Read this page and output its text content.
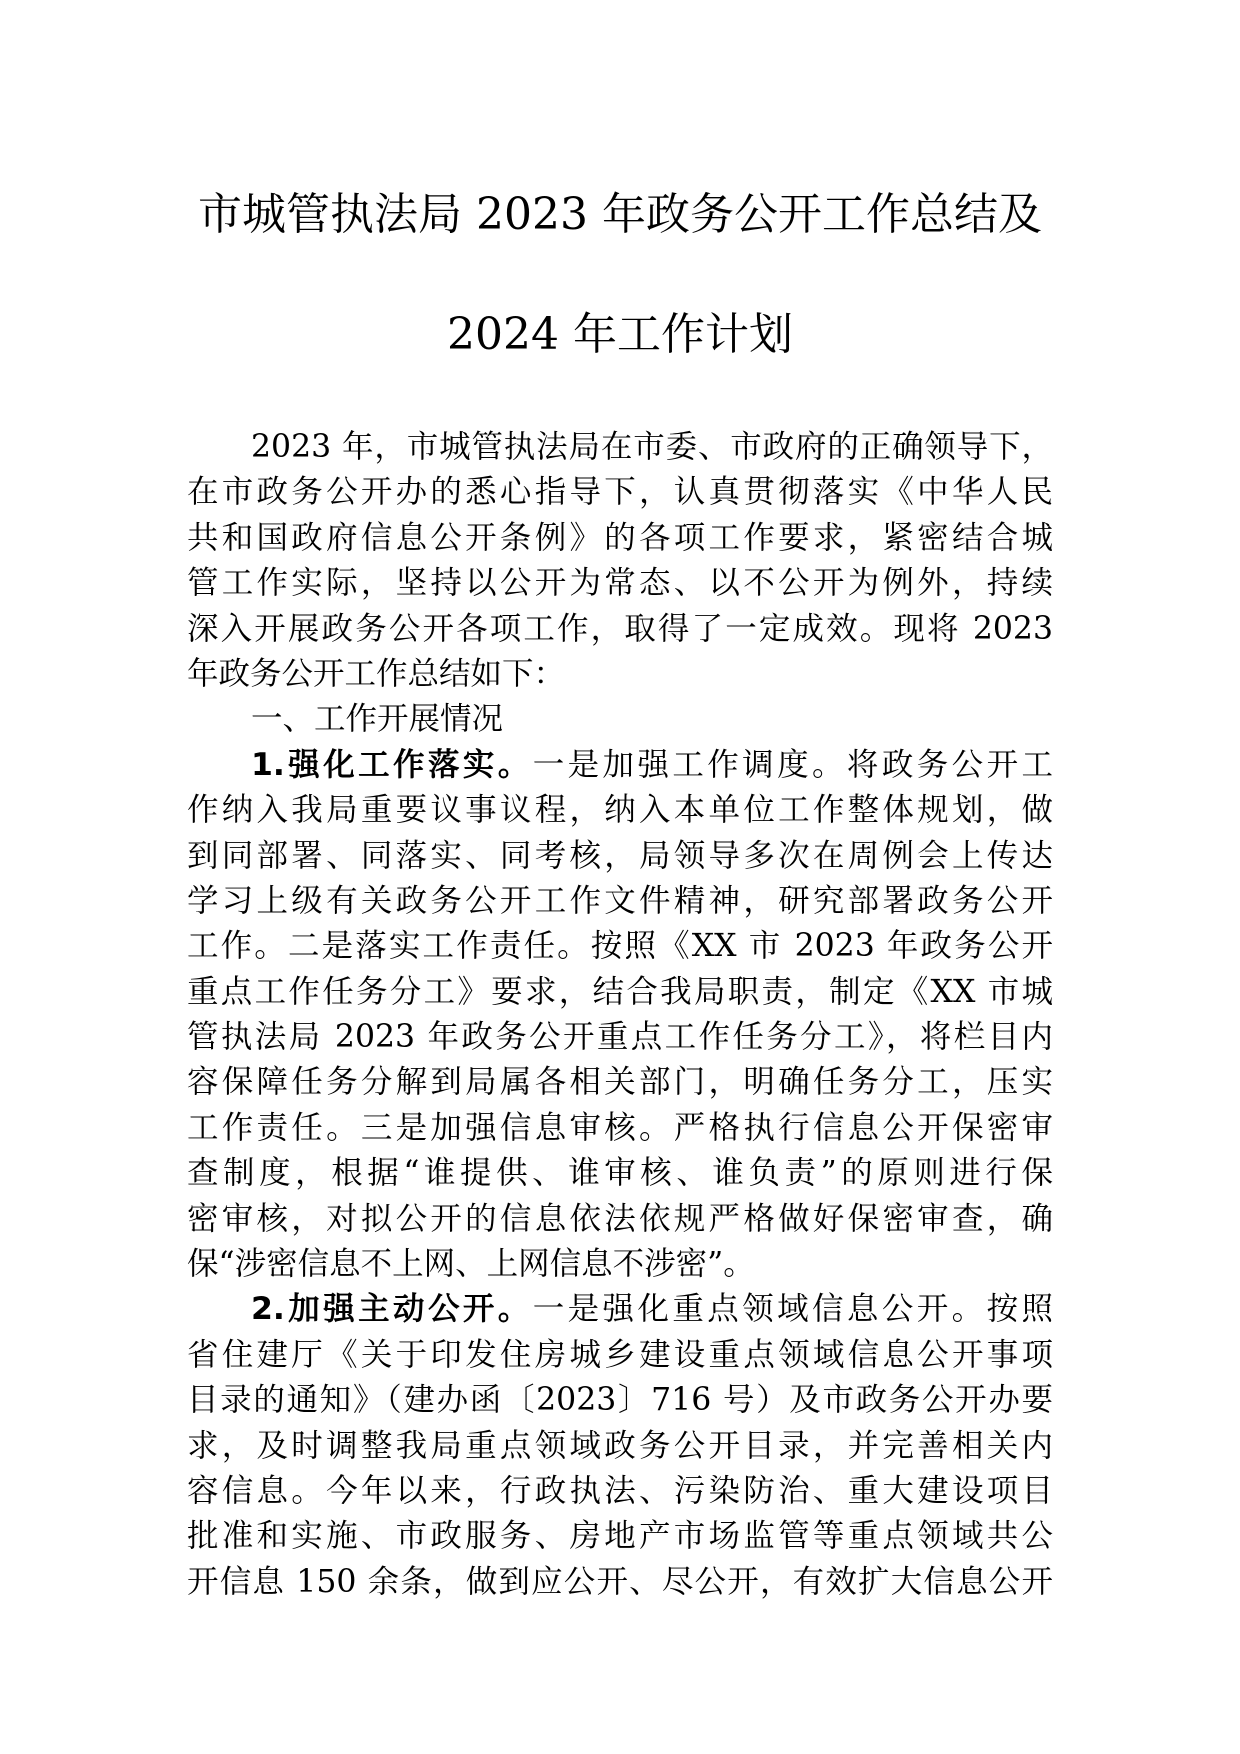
市城管执法局 2023 年政务公开工作总结及
2024 年工作计划
2023 年，市城管执法局在市委、市政府的正确领导下，
在市政务公开办的悉心指导下，认真贯彻落实《中华人民
共和国政府信息公开条例》的各项工作要求，紧密结合城
管工作实际，坚持以公开为常态、以不公开为例外，持续
深入开展政务公开各项工作，取得了一定成效。现将 2023
年政务公开工作总结如下：
一、工作开展情况
1.强化工作落实。一是加强工作调度。将政务公开工
作纳入我局重要议事议程，纳入本单位工作整体规划，做
到同部署、同落实、同考核，局领导多次在周例会上传达
学习上级有关政务公开工作文件精神，研究部署政务公开
工作。二是落实工作责任。按照《XX 市 2023 年政务公开
重点工作任务分工》要求，结合我局职责，制定《XX 市城
管执法局 2023 年政务公开重点工作任务分工》，将栏目内
容保障任务分解到局属各相关部门，明确任务分工，压实
工作责任。三是加强信息审核。严格执行信息公开保密审
查制度，根据“谁提供、谁审核、谁负责”的原则进行保
密审核，对拟公开的信息依法依规严格做好保密审查，确
保“涉密信息不上网、上网信息不涉密”。
2.加强主动公开。一是强化重点领域信息公开。按照
省住建厅《关于印发住房城乡建设重点领域信息公开事项
目录的通知》（建办函〔2023〕716 号）及市政务公开办要
求，及时调整我局重点领域政务公开目录，并完善相关内
容信息。今年以来，行政执法、污染防治、重大建设项目
批准和实施、市政服务、房地产市场监管等重点领域共公
开信息 150 余条，做到应公开、尽公开，有效扩大信息公开
